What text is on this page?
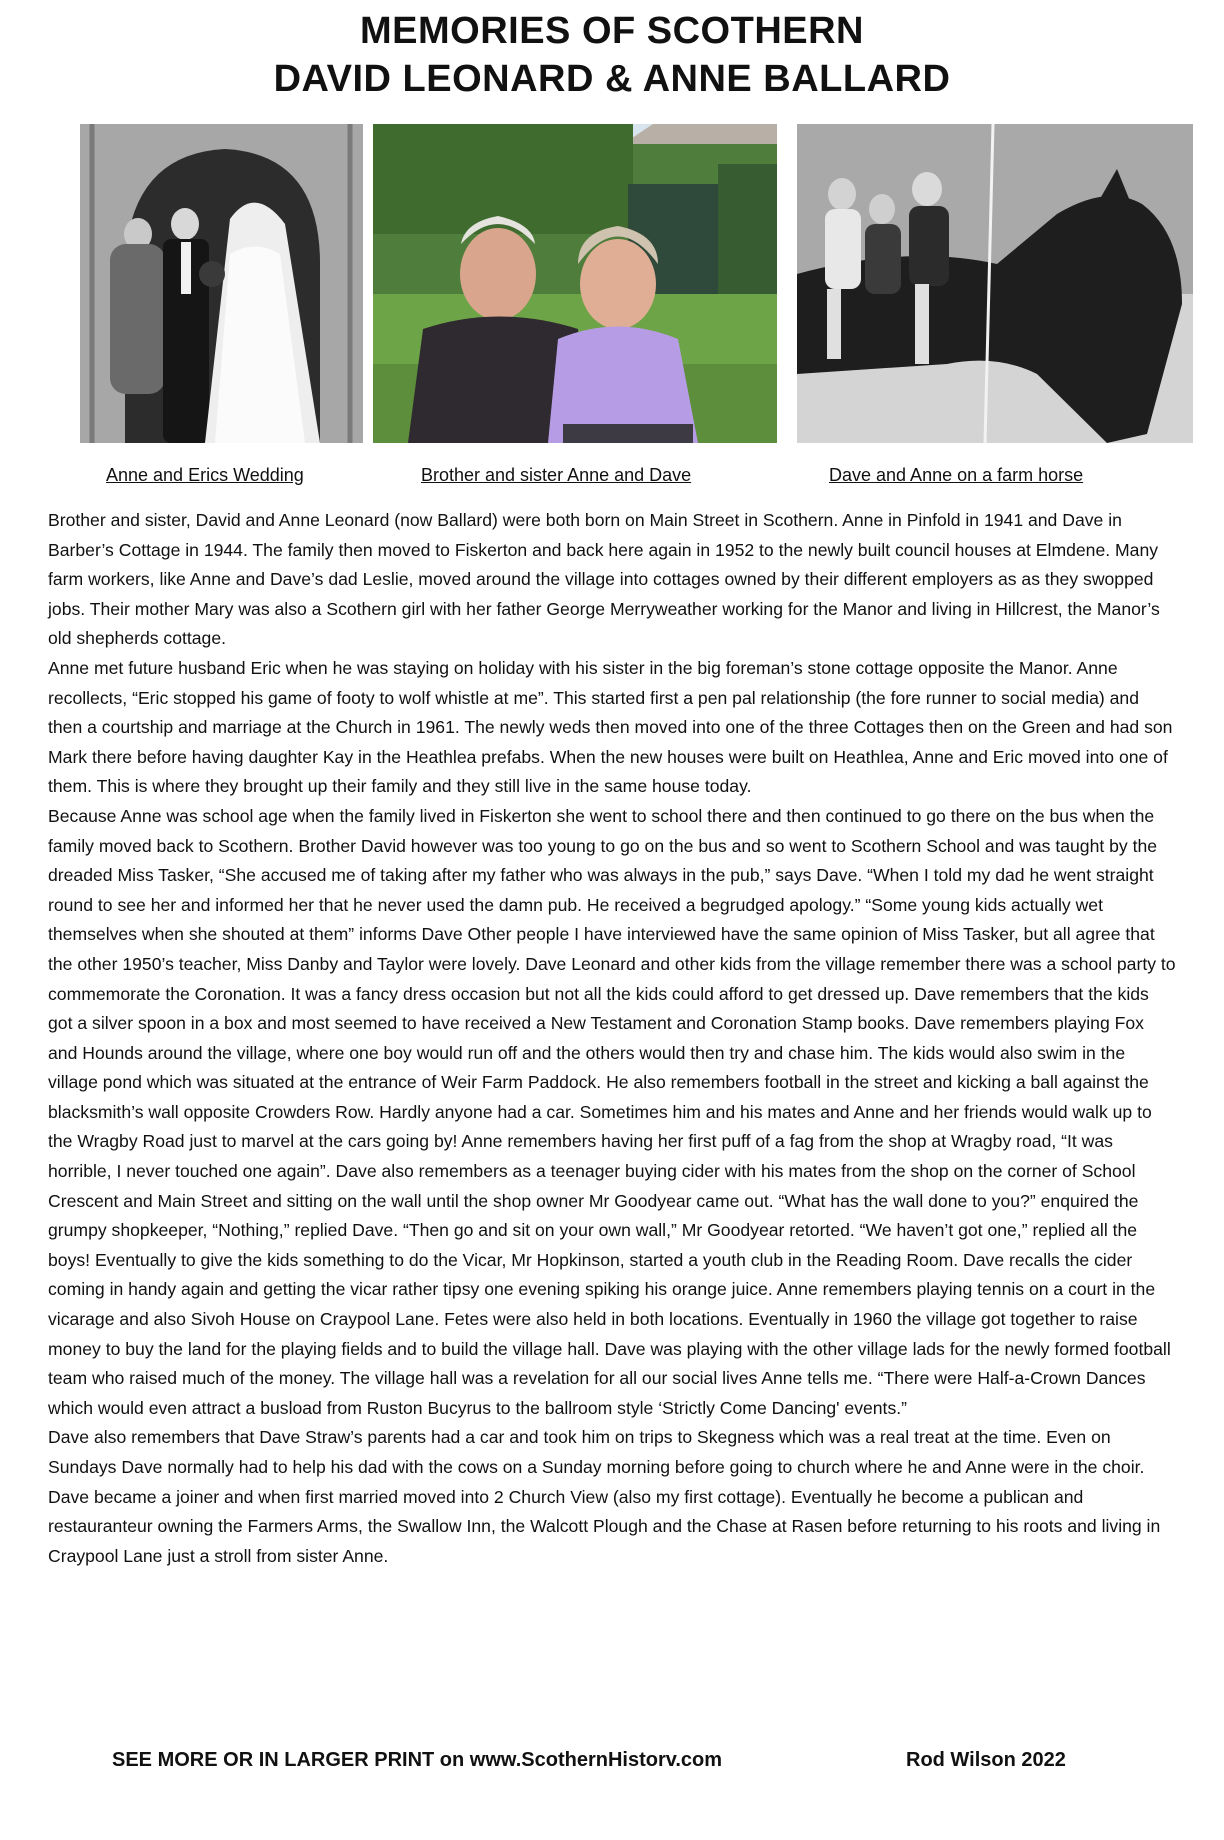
MEMORIES OF SCOTHERN
DAVID LEONARD & ANNE BALLARD
Anne and Erics Wedding	Brother and sister Anne and Dave	Dave and Anne on a farm horse

Brother and sister, David and Anne Leonard (now Ballard) were both born on Main Street in Scothern. Anne in Pinfold in 1941 and Dave in Barber’s Cottage in 1944. The family then moved to Fiskerton and back here again in 1952 to the newly built council houses at Elmdene. Many farm workers, like Anne and Dave’s dad Leslie, moved around the village into cottages owned by their different employers as as they swopped jobs. Their mother Mary was also a Scothern girl with her father George Merryweather working for the Manor and living in Hillcrest, the Manor’s old shepherds cottage.

Anne met future husband Eric when he was staying on holiday with his sister in the big foreman’s stone cottage opposite the Manor. Anne recollects, “Eric stopped his game of footy to wolf whistle at me”. This started first a pen pal relationship (the fore runner to social media) and then a courtship and marriage at the Church in 1961. The newly weds then moved into one of the three Cottages then on the Green and had son Mark there before having daughter Kay in the Heathlea prefabs. When the new houses were built on Heathlea, Anne and Eric moved into one of them. This is where they brought up their family and they still live in the same house today.

Because Anne was school age when the family lived in Fiskerton she went to school there and then continued to go there on the bus when the family moved back to Scothern. Brother David however was too young to go on the bus and so went to Scothern School and was taught by the dreaded Miss Tasker, “She accused me of taking after my father who was always in the pub,” says Dave. “When I told my dad he went straight round to see her and informed her that he never used the damn pub. He received a begrudged apology.” “Some young kids actually wet themselves when she shouted at them” informs Dave Other people I have interviewed have the same opinion of Miss Tasker, but all agree that the other 1950’s teacher, Miss Danby and Taylor were lovely. Dave Leonard and other kids from the village remember there was a school party to commemorate the Coronation. It was a fancy dress occasion but not all the kids could afford to get dressed up. Dave remembers that the kids got a silver spoon in a box and most seemed to have received a New Testament and Coronation Stamp books. Dave remembers playing Fox and Hounds around the village, where one boy would run off and the others would then try and chase him. The kids would also swim in the village pond which was situated at the entrance of Weir Farm Paddock. He also remembers football in the street and kicking a ball against the blacksmith’s wall opposite Crowders Row. Hardly anyone had a car. Sometimes him and his mates and Anne and her friends would walk up to the Wragby Road just to marvel at the cars going by! Anne remembers having her first puff of a fag from the shop at Wragby road, “It was horrible, I never touched one again”. Dave also remembers as a teenager buying cider with his mates from the shop on the corner of School Crescent and Main Street and sitting on the wall until the shop owner Mr Goodyear came out. “What has the wall done to you?” enquired the grumpy shopkeeper, “Nothing,” replied Dave. “Then go and sit on your own wall,” Mr Goodyear retorted. “We haven’t got one,” replied all the boys! Eventually to give the kids something to do the Vicar, Mr Hopkinson, started a youth club in the Reading Room. Dave recalls the cider coming in handy again and getting the vicar rather tipsy one evening spiking his orange juice. Anne remembers playing tennis on a court in the vicarage and also Sivoh House on Craypool Lane. Fetes were also held in both locations. Eventually in 1960 the village got together to raise money to buy the land for the playing fields and to build the village hall. Dave was playing with the other village lads for the newly formed football team who raised much of the money. The village hall was a revelation for all our social lives Anne tells me. “There were Half-a-Crown Dances which would even attract a busload from Ruston Bucyrus to the ballroom style ‘Strictly Come Dancing' events.”

Dave also remembers that Dave Straw’s parents had a car and took him on trips to Skegness which was a real treat at the time. Even on Sundays Dave normally had to help his dad with the cows on a Sunday morning before going to church where he and Anne were in the choir.

Dave became a joiner and when first married moved into 2 Church View (also my first cottage). Eventually he become a publican and restauranteur owning the Farmers Arms, the Swallow Inn, the Walcott Plough and the Chase at Rasen before returning to his roots and living in Craypool Lane just a stroll from sister Anne.

SEE MORE OR IN LARGER PRINT on www.ScothernHistorv.com	Rod Wilson 2022
